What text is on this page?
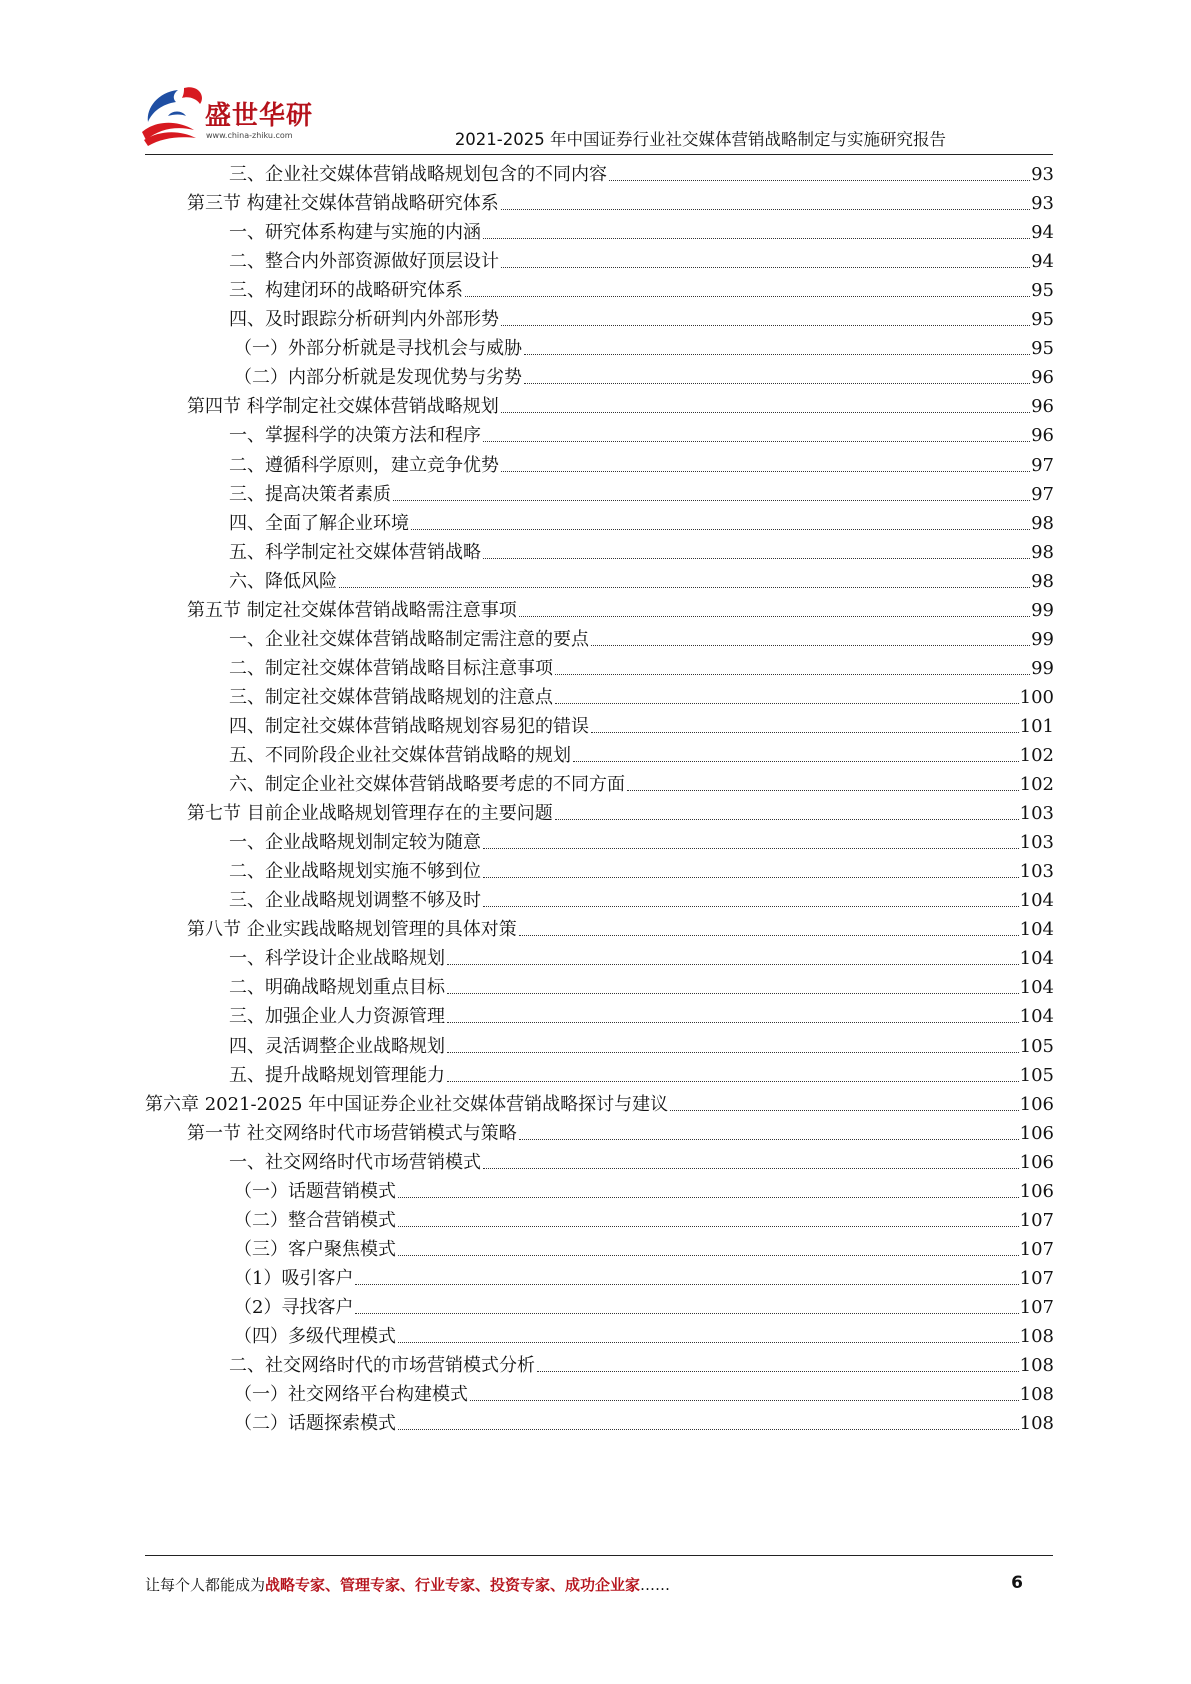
盛世华研
www.china-zhiku.com	2021-2025 年中国证券行业社交媒体营销战略制定与实施研究报告
三、企业社交媒体营销战略规划包含的不同内容	93
第三节 构建社交媒体营销战略研究体系	93
一、研究体系构建与实施的内涵	94
二、整合内外部资源做好顶层设计	94
三、构建闭环的战略研究体系	95
四、及时跟踪分析研判内外部形势	95
（一）外部分析就是寻找机会与威胁	95
（二）内部分析就是发现优势与劣势	96
第四节 科学制定社交媒体营销战略规划	96
一、掌握科学的决策方法和程序	96
二、遵循科学原则，建立竞争优势	97
三、提高决策者素质	97
四、全面了解企业环境	98
五、科学制定社交媒体营销战略	98
六、降低风险	98
第五节 制定社交媒体营销战略需注意事项	99
一、企业社交媒体营销战略制定需注意的要点	99
二、制定社交媒体营销战略目标注意事项	99
三、制定社交媒体营销战略规划的注意点	100
四、制定社交媒体营销战略规划容易犯的错误	101
五、不同阶段企业社交媒体营销战略的规划	102
六、制定企业社交媒体营销战略要考虑的不同方面	102
第七节 目前企业战略规划管理存在的主要问题	103
一、企业战略规划制定较为随意	103
二、企业战略规划实施不够到位	103
三、企业战略规划调整不够及时	104
第八节 企业实践战略规划管理的具体对策	104
一、科学设计企业战略规划	104
二、明确战略规划重点目标	104
三、加强企业人力资源管理	104
四、灵活调整企业战略规划	105
五、提升战略规划管理能力	105
第六章 2021-2025 年中国证券企业社交媒体营销战略探讨与建议	106
第一节 社交网络时代市场营销模式与策略	106
一、社交网络时代市场营销模式	106
（一）话题营销模式	106
（二）整合营销模式	107
（三）客户聚焦模式	107
（1）吸引客户	107
（2）寻找客户	107
（四）多级代理模式	108
二、社交网络时代的市场营销模式分析	108
（一）社交网络平台构建模式	108
（二）话题探索模式	108
让每个人都能成为战略专家、管理专家、行业专家、投资专家、成功企业家……	6
